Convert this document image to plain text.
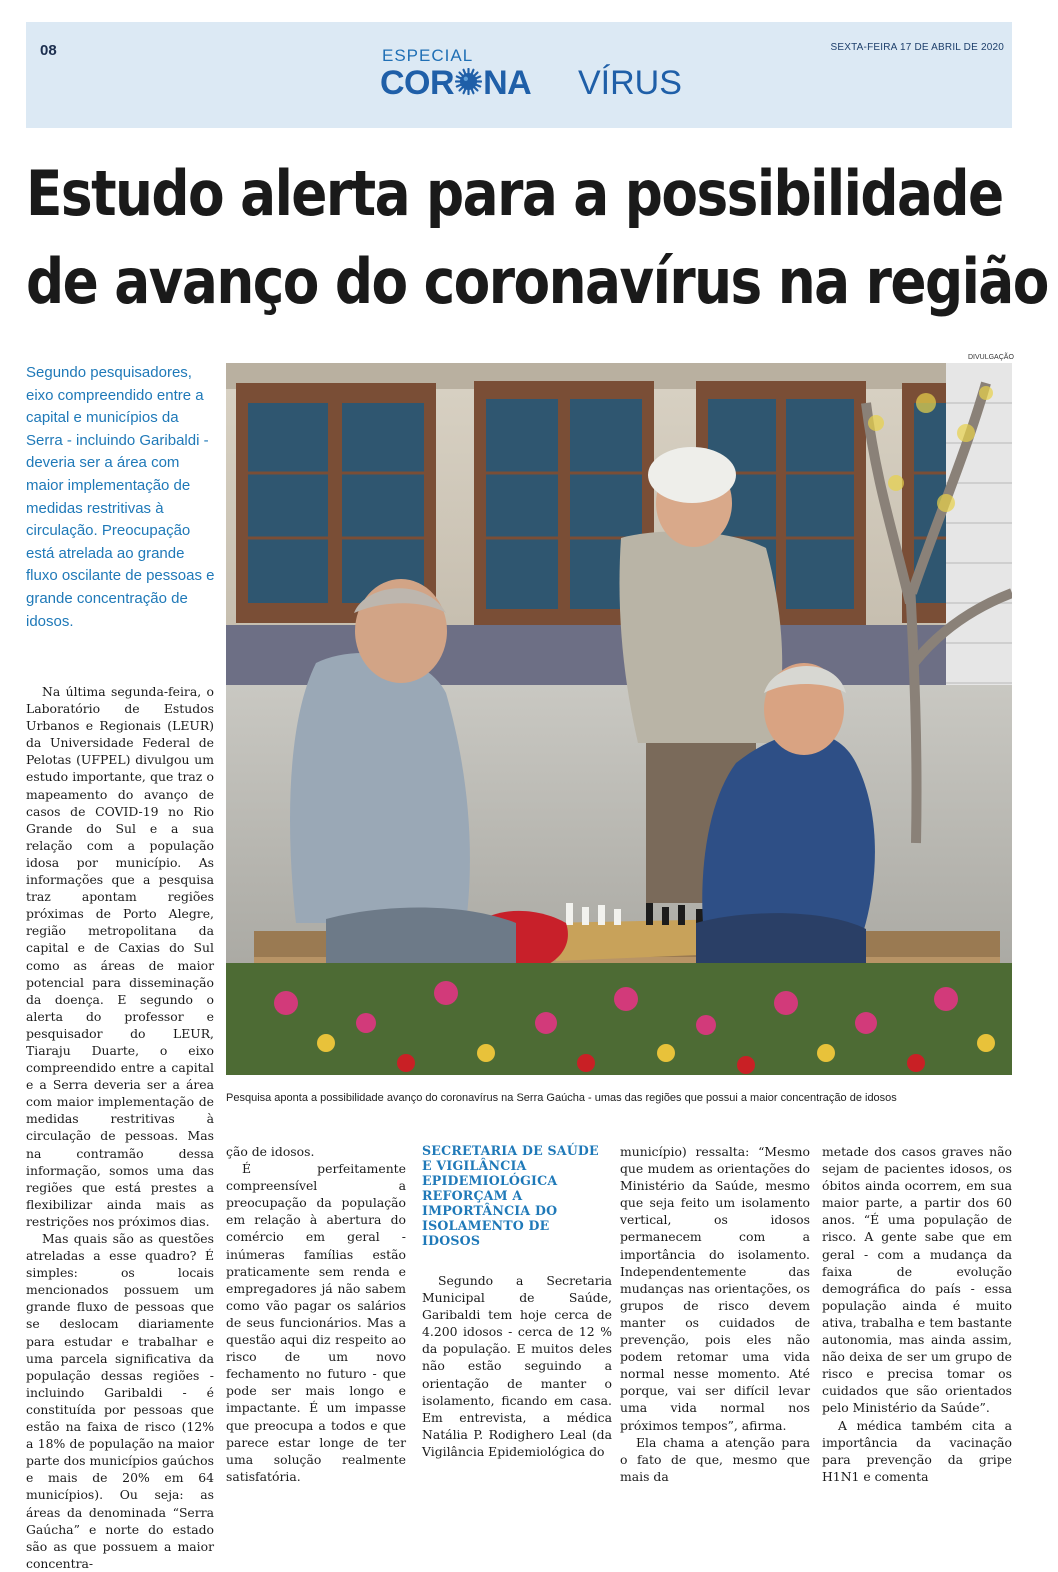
08	SEXTA-FEIRA 17 DE ABRIL DE 2020
ESPECIAL
COR NA VÍRUS
Estudo alerta para a possibilidade
de avanço do coronavírus na região

Segundo pesquisadores, eixo compreendido entre a capital e municípios da Serra - incluindo Garibaldi - deveria ser a área com maior implementação de medidas restritivas à circulação. Preocupação está atrelada ao grande fluxo oscilante de pessoas e grande concentração de idosos.

DIVULGAÇÃO
Pesquisa aponta a possibilidade avanço do coronavírus na Serra Gaúcha - umas das regiões que possui a maior concentração de idosos

Na última segunda-feira, o Laboratório de Estudos Urbanos e Regionais (LEUR) da Universidade Federal de Pelotas (UFPEL) divulgou um estudo importante, que traz o mapeamento do avanço de casos de COVID-19 no Rio Grande do Sul e a sua relação com a população idosa por município. As informações que a pesquisa traz apontam regiões próximas de Porto Alegre, região metropolitana da capital e de Caxias do Sul como as áreas de maior potencial para disseminação da doença. E segundo o alerta do professor e pesquisador do LEUR, Tiaraju Duarte, o eixo compreendido entre a capital e a Serra deveria ser a área com maior implementação de medidas restritivas à circulação de pessoas. Mas na contramão dessa informação, somos uma das regiões que está prestes a flexibilizar ainda mais as restrições nos próximos dias.

Mas quais são as questões atreladas a esse quadro? É simples: os locais mencionados possuem um grande fluxo de pessoas que se deslocam diariamente para estudar e trabalhar e uma parcela significativa da população dessas regiões - incluindo Garibaldi - é constituída por pessoas que estão na faixa de risco (12% a 18% de população na maior parte dos municípios gaúchos e mais de 20% em 64 municípios). Ou seja: as áreas da denominada “Serra Gaúcha” e norte do estado são as que possuem a maior concentra-

ção de idosos.

É perfeitamente compreensível a preocupação da população em relação à abertura do comércio em geral - inúmeras famílias estão praticamente sem renda e empregadores já não sabem como vão pagar os salários de seus funcionários. Mas a questão aqui diz respeito ao risco de um novo fechamento no futuro - que pode ser mais longo e impactante. É um impasse que preocupa a todos e que parece estar longe de ter uma solução realmente satisfatória.

SECRETARIA DE SAÚDE E VIGILÂNCIA EPIDEMIOLÓGICA REFORÇAM A IMPORTÂNCIA DO ISOLAMENTO DE IDOSOS

Segundo a Secretaria Municipal de Saúde, Garibaldi tem hoje cerca de 4.200 idosos - cerca de 12 % da população. E muitos deles não estão seguindo a orientação de manter o isolamento, ficando em casa. Em entrevista, a médica Natália P. Rodighero Leal (da Vigilância Epidemiológica do

município) ressalta: “Mesmo que mudem as orientações do Ministério da Saúde, mesmo que seja feito um isolamento vertical, os idosos permanecem com a importância do isolamento. Independentemente das mudanças nas orientações, os grupos de risco devem manter os cuidados de prevenção, pois eles não podem retomar uma vida normal nesse momento. Até porque, vai ser difícil levar uma vida normal nos próximos tempos”, afirma.

Ela chama a atenção para o fato de que, mesmo que mais da

metade dos casos graves não sejam de pacientes idosos, os óbitos ainda ocorrem, em sua maior parte, a partir dos 60 anos. “É uma população de risco. A gente sabe que em geral - com a mudança da faixa de evolução demográfica do país - essa população ainda é muito ativa, trabalha e tem bastante autonomia, mas ainda assim, não deixa de ser um grupo de risco e precisa tomar os cuidados que são orientados pelo Ministério da Saúde”.

A médica também cita a importância da vacinação para prevenção da gripe H1N1 e comenta
